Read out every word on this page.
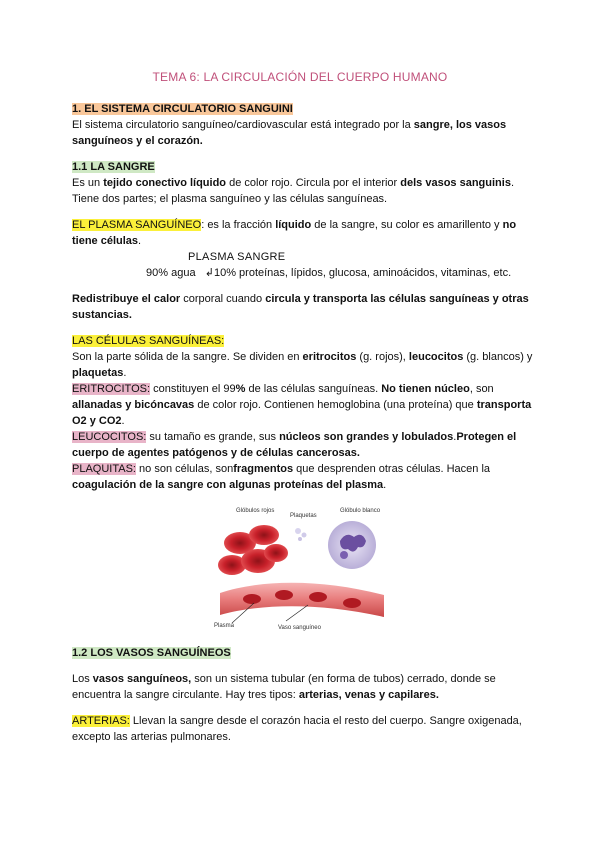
TEMA 6: LA CIRCULACIÓN DEL CUERPO HUMANO

1. EL SISTEMA CIRCULATORIO SANGUINI

El sistema circulatorio sanguíneo/cardiovascular está integrado por la sangre, los vasos sanguíneos y el corazón.

1.1 LA SANGRE

Es un tejido conectivo líquido de color rojo. Circula por el interior dels vasos sanguinis. Tiene dos partes; el plasma sanguíneo y las células sanguíneas.

EL PLASMA SANGUÍNEO: es la fracción líquido de la sangre, su color es amarillento y no tiene células.

PLASMA SANGRE

90% agua ↲10% proteínas, lípidos, glucosa, aminoácidos, vitaminas, etc.

Redistribuye el calor corporal cuando circula y transporta las células sanguíneas y otras sustancias.

LAS CÉLULAS SANGUÍNEAS:

Son la parte sólida de la sangre. Se dividen en eritrocitos (g. rojos), leucocitos (g. blancos) y plaquetas.

ERITROCITOS: constituyen el 99% de las células sanguíneas. No tienen núcleo, son allanadas y bicóncavas de color rojo. Contienen hemoglobina (una proteína) que transporta O2 y CO2.

LEUCOCITOS: su tamaño es grande, sus núcleos son grandes y lobulados.Protegen el cuerpo de agentes patógenos y de células cancerosas.

PLAQUITAS: no son células, sonfragmentos que desprenden otras células. Hacen la coagulación de la sangre con algunas proteínas del plasma.

Glóbulos rojos
Plaquetas
Glóbulo blanco
Plasma	Vaso sanguíneo

1.2 LOS VASOS SANGUÍNEOS

Los vasos sanguíneos, son un sistema tubular (en forma de tubos) cerrado, donde se encuentra la sangre circulante. Hay tres tipos: arterias, venas y capilares.

ARTERIAS: Llevan la sangre desde el corazón hacia el resto del cuerpo. Sangre oxigenada, excepto las arterias pulmonares.
